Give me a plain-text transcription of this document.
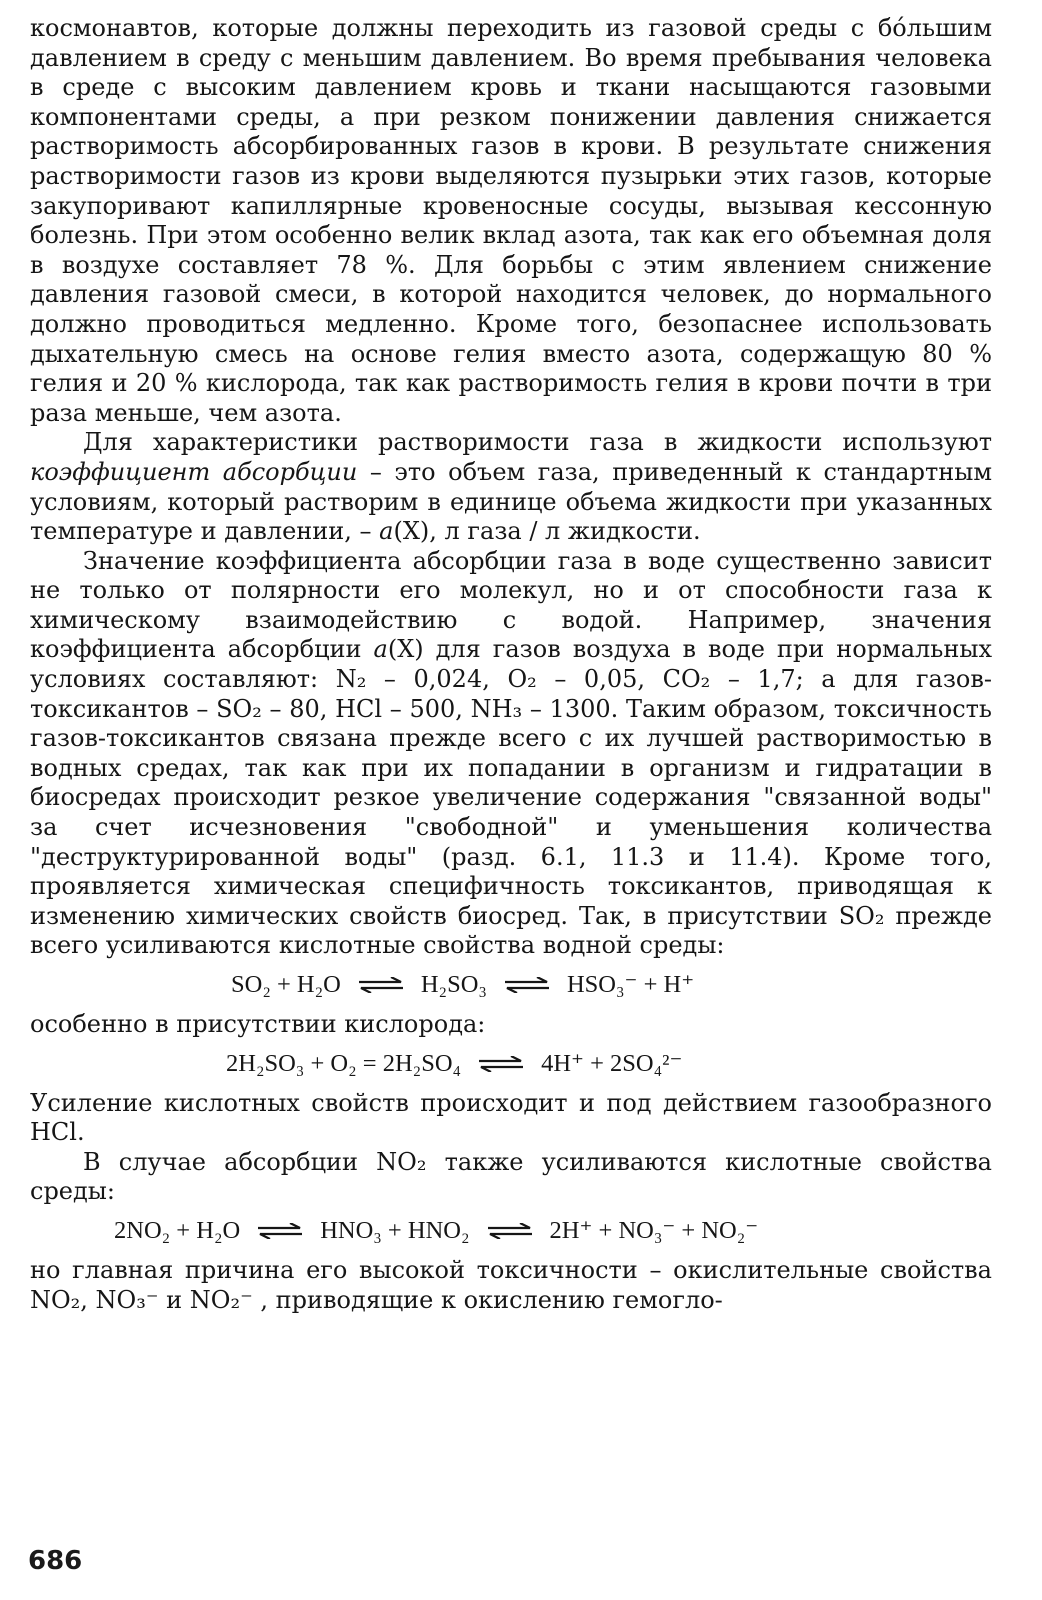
космонавтов, которые должны переходить из газовой среды с бо́льшим давлением в среду с меньшим давлением. Во время пребывания человека в среде с высоким давлением кровь и ткани насыщаются газовыми компонентами среды, а при резком понижении давления снижается растворимость абсорбированных газов в крови. В результате снижения растворимости газов из крови выделяются пузырьки этих газов, которые закупоривают капиллярные кровеносные сосуды, вызывая кессонную болезнь. При этом особенно велик вклад азота, так как его объемная доля в воздухе составляет 78 %. Для борьбы с этим явлением снижение давления газовой смеси, в которой находится человек, до нормального должно проводиться медленно. Кроме того, безопаснее использовать дыхательную смесь на основе гелия вместо азота, содержащую 80 % гелия и 20 % кислорода, так как растворимость гелия в крови почти в три раза меньше, чем азота.

Для характеристики растворимости газа в жидкости используют коэффициент абсорбции – это объем газа, приведенный к стандартным условиям, который растворим в единице объема жидкости при указанных температуре и давлении, – a(X), л газа / л жидкости.

Значение коэффициента абсорбции газа в воде существенно зависит не только от полярности его молекул, но и от способности газа к химическому взаимодействию с водой. Например, значения коэффициента абсорбции a(X) для газов воздуха в воде при нормальных условиях составляют: N₂ – 0,024, O₂ – 0,05, CO₂ – 1,7; а для газов-токсикантов – SO₂ – 80, HCl – 500, NH₃ – 1300. Таким образом, токсичность газов-токсикантов связана прежде всего с их лучшей растворимостью в водных средах, так как при их попадании в организм и гидратации в биосредах происходит резкое увеличение содержания "связанной воды" за счет исчезновения "свободной" и уменьшения количества "деструктурированной воды" (разд. 6.1, 11.3 и 11.4). Кроме того, проявляется химическая специфичность токсикантов, приводящая к изменению химических свойств биосред. Так, в присутствии SO₂ прежде всего усиливаются кислотные свойства водной среды:

SO₂ + H₂O ⇌ H₂SO₃ ⇌ HSO₃⁻ + H⁺

особенно в присутствии кислорода:

2H₂SO₃ + O₂ = 2H₂SO₄ ⇌ 4H⁺ + 2SO₄²⁻

Усиление кислотных свойств происходит и под действием газообразного HCl.

В случае абсорбции NO₂ также усиливаются кислотные свойства среды:

2NO₂ + H₂O ⇌ HNO₃ + HNO₂ ⇌ 2H⁺ + NO₃⁻ + NO₂⁻

но главная причина его высокой токсичности – окислительные свойства NO₂, NO₃⁻ и NO₂⁻ , приводящие к окислению гемогло-

686
